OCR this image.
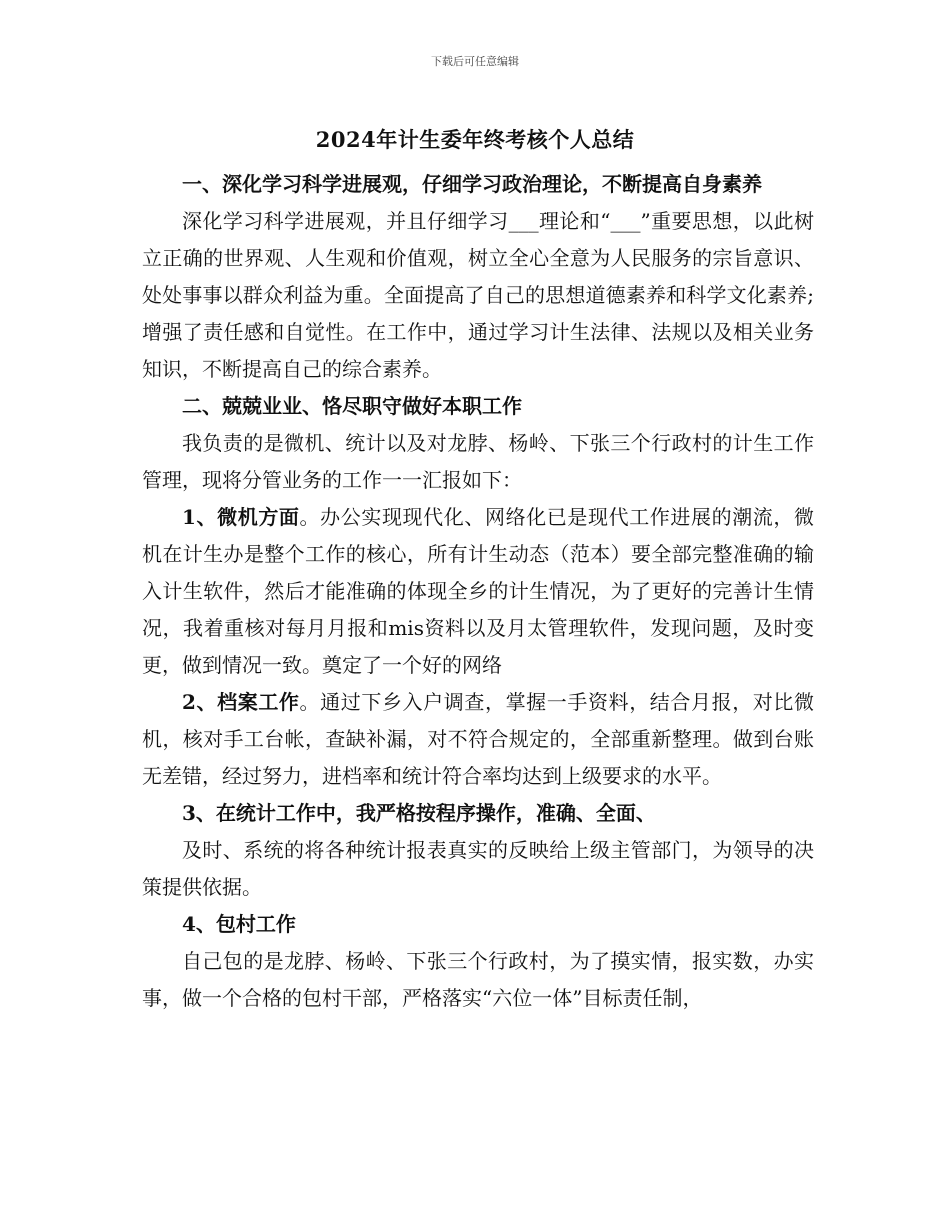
下载后可任意编辑
2024年计生委年终考核个人总结

一、深化学习科学进展观，仔细学习政治理论，不断提高自身素养

深化学习科学进展观，并且仔细学习___理论和“___”重要思想，以此树立正确的世界观、人生观和价值观，树立全心全意为人民服务的宗旨意识、处处事事以群众利益为重。全面提高了自己的思想道德素养和科学文化素养;增强了责任感和自觉性。在工作中，通过学习计生法律、法规以及相关业务知识，不断提高自己的综合素养。

二、兢兢业业、恪尽职守做好本职工作

我负责的是微机、统计以及对龙脖、杨岭、下张三个行政村的计生工作管理，现将分管业务的工作一一汇报如下：

1、微机方面。办公实现现代化、网络化已是现代工作进展的潮流，微机在计生办是整个工作的核心，所有计生动态（范本）要全部完整准确的输入计生软件，然后才能准确的体现全乡的计生情况，为了更好的完善计生情况，我着重核对每月月报和mis资料以及月太管理软件，发现问题，及时变更，做到情况一致。奠定了一个好的网络

2、档案工作。通过下乡入户调查，掌握一手资料，结合月报，对比微机，核对手工台帐，查缺补漏，对不符合规定的，全部重新整理。做到台账无差错，经过努力，进档率和统计符合率均达到上级要求的水平。

3、在统计工作中，我严格按程序操作，准确、全面、

及时、系统的将各种统计报表真实的反映给上级主管部门，为领导的决策提供依据。

4、包村工作

自己包的是龙脖、杨岭、下张三个行政村，为了摸实情，报实数，办实事，做一个合格的包村干部，严格落实“六位一体”目标责任制，
